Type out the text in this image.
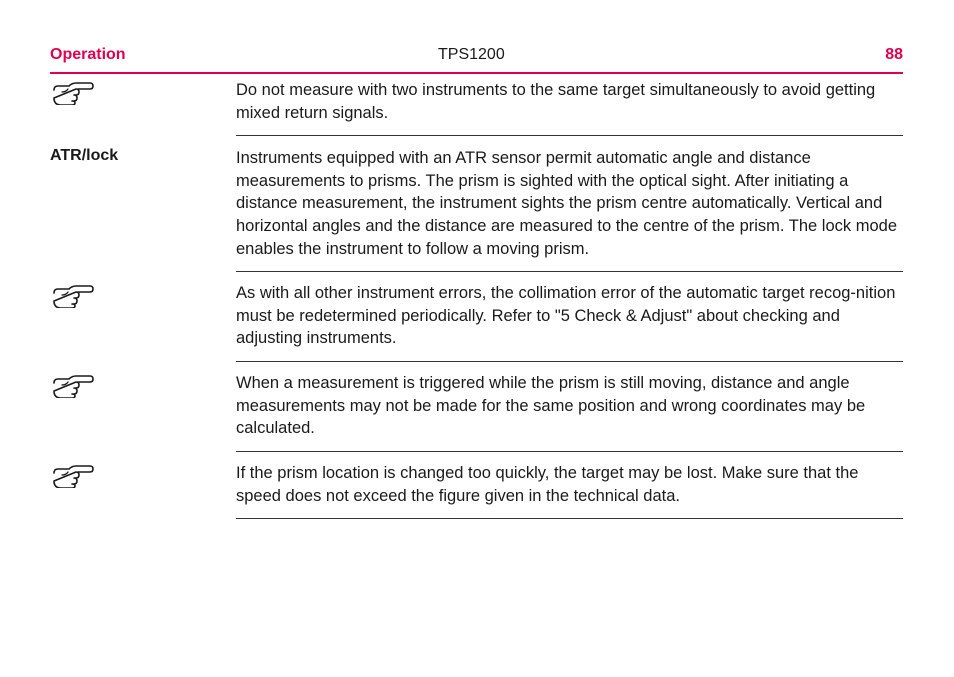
Operation	TPS1200	88

Do not measure with two instruments to the same target simultaneously to avoid getting mixed return signals.

ATR/lock	Instruments equipped with an ATR sensor permit automatic angle and distance measurements to prisms. The prism is sighted with the optical sight. After initiating a distance measurement, the instrument sights the prism centre automatically. Vertical and horizontal angles and the distance are measured to the centre of the prism. The lock mode enables the instrument to follow a moving prism.

As with all other instrument errors, the collimation error of the automatic target recog-nition must be redetermined periodically. Refer to "5 Check & Adjust" about checking and adjusting instruments.

When a measurement is triggered while the prism is still moving, distance and angle measurements may not be made for the same position and wrong coordinates may be calculated.

If the prism location is changed too quickly, the target may be lost. Make sure that the speed does not exceed the figure given in the technical data.
